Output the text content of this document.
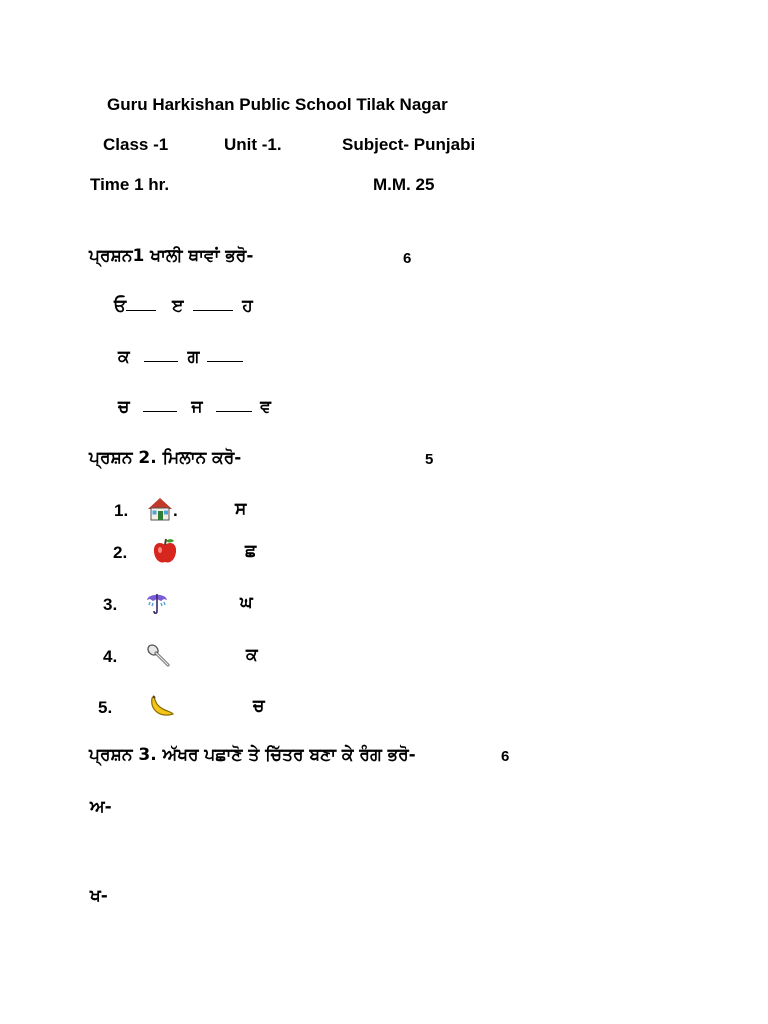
Guru Harkishan Public School Tilak Nagar
Class -1	Unit -1.	Subject- Punjabi
Time 1 hr.	M.M. 25
ਪ੍ਰਸ਼ਨ1 ਖਾਲੀ ਥਾਵਾਂ ਭਰੋ-	6
ਓ	ੲ	ਹ
ਕ	ਗ
ਚ	ਜ	ਵ
ਪ੍ਰਸ਼ਨ 2. ਮਿਲਾਨ ਕਰੋ-	5
1.	.	ਸ
2.	ਛ
3.	ਘ
4.	ਕ
5.	ਚ
ਪ੍ਰਸ਼ਨ 3. ਅੱਖਰ ਪਛਾਣੋ ਤੇ ਚਿੱਤਰ ਬਣਾ ਕੇ ਰੰਗ ਭਰੋ-	6
ਅ-
ਖ-
